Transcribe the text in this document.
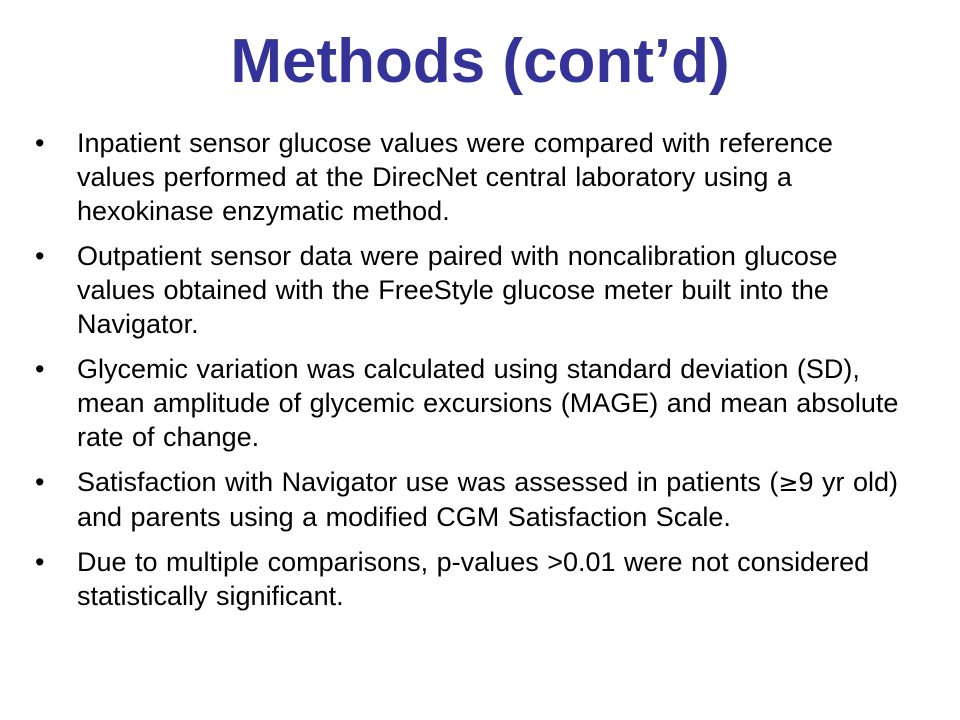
Methods (cont’d)
•	Inpatient sensor glucose values were compared with reference values performed at the DirecNet central laboratory using a hexokinase enzymatic method.
•	Outpatient sensor data were paired with noncalibration glucose values obtained with the FreeStyle glucose meter built into the Navigator.
•	Glycemic variation was calculated using standard deviation (SD), mean amplitude of glycemic excursions (MAGE) and mean absolute rate of change.
•	Satisfaction with Navigator use was assessed in patients (≥9 yr old) and parents using a modified CGM Satisfaction Scale.
•	Due to multiple comparisons, p-values >0.01 were not considered statistically significant.
